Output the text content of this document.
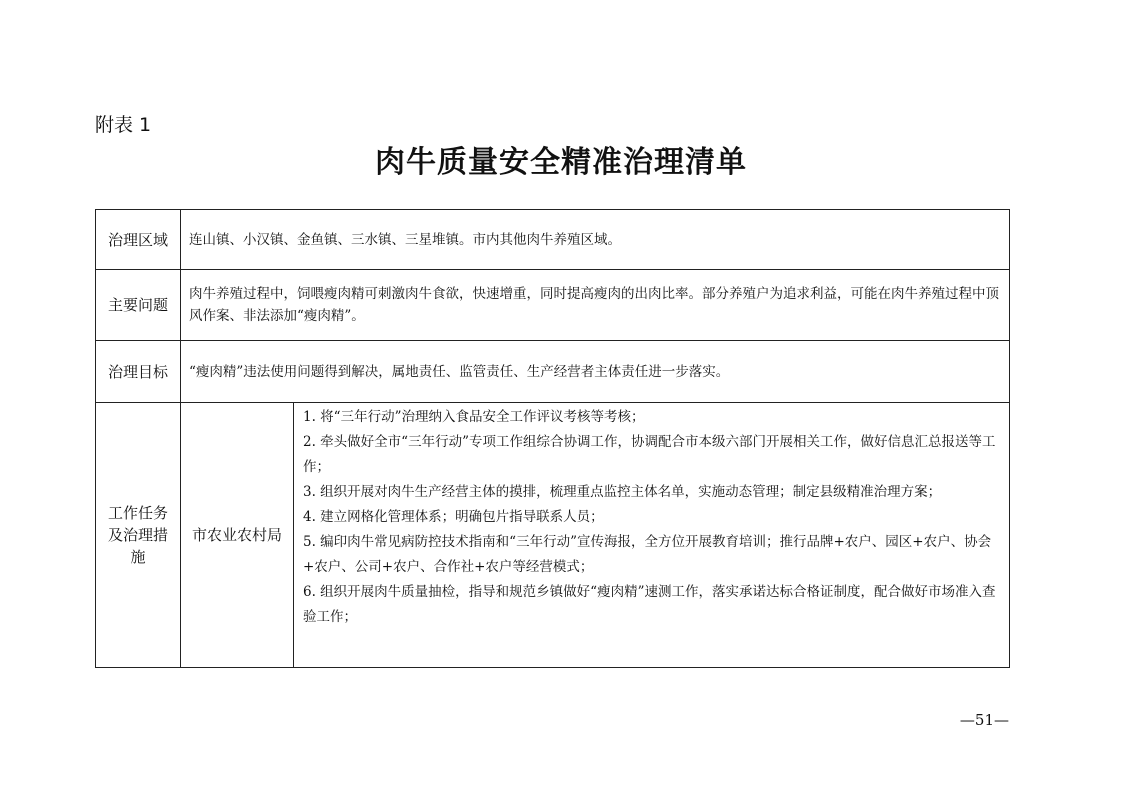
附表 1
肉牛质量安全精准治理清单
治理区域	连山镇、小汉镇、金鱼镇、三水镇、三星堆镇。市内其他肉牛养殖区域。
主要问题
肉牛养殖过程中，饲喂瘦肉精可刺激肉牛食欲，快速增重，同时提高瘦肉的出肉比率。部分养殖户为追求利益，可能在肉牛养殖过程中顶风作案、非法添加“瘦肉精”。
治理目标	“瘦肉精”违法使用问题得到解决，属地责任、监管责任、生产经营者主体责任进一步落实。
工作任务及治理措施
市农业农村局
1. 将“三年行动”治理纳入食品安全工作评议考核等考核；
2. 牵头做好全市“三年行动”专项工作组综合协调工作，协调配合市本级六部门开展相关工作，做好信息汇总报送等工作；
3. 组织开展对肉牛生产经营主体的摸排，梳理重点监控主体名单，实施动态管理；制定县级精准治理方案；
4. 建立网格化管理体系；明确包片指导联系人员；
5. 编印肉牛常见病防控技术指南和“三年行动”宣传海报，全方位开展教育培训；推行品牌+农户、园区+农户、协会+农户、公司+农户、合作社+农户等经营模式；
6. 组织开展肉牛质量抽检，指导和规范乡镇做好“瘦肉精”速测工作，落实承诺达标合格证制度，配合做好市场准入查验工作；
—51—
